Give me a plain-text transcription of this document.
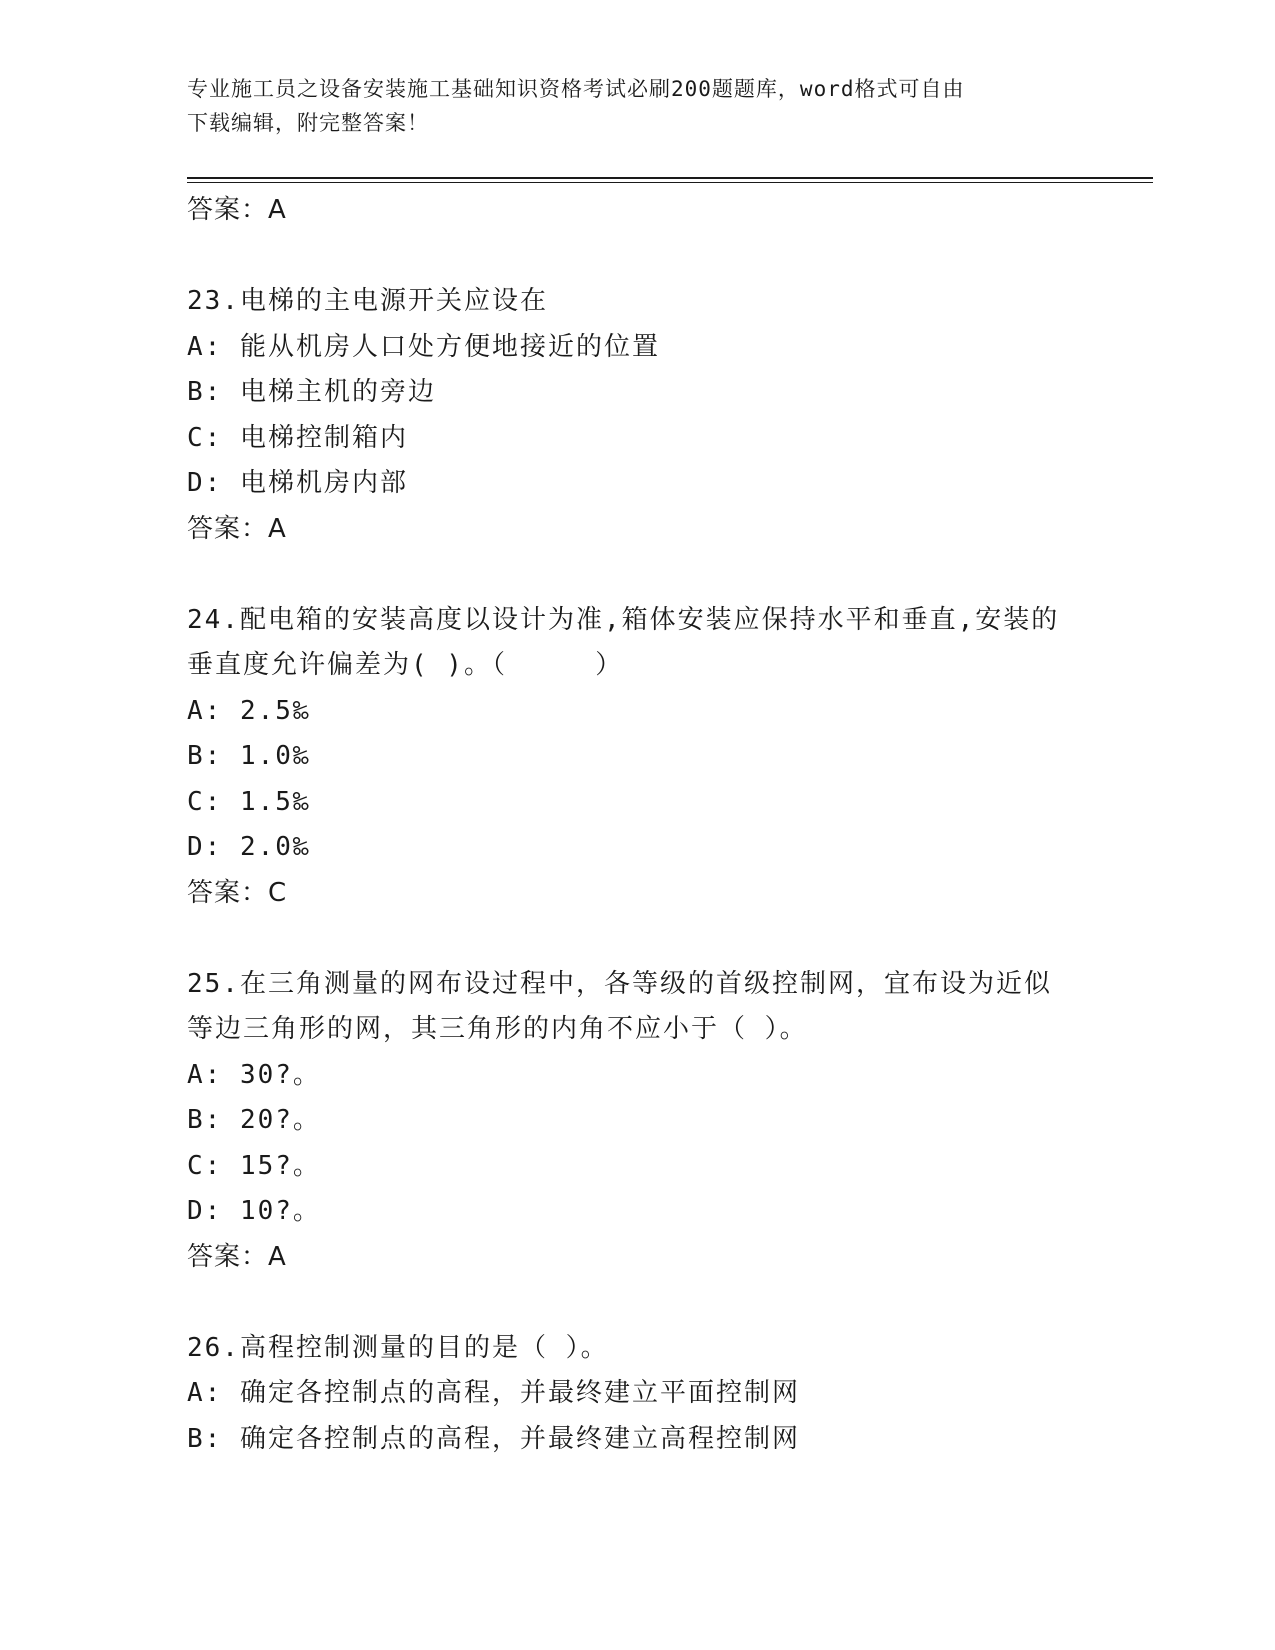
专业施工员之设备安装施工基础知识资格考试必刷200题题库，word格式可自由
下载编辑，附完整答案！
答案：A
23.电梯的主电源开关应设在
A: 能从机房人口处方便地接近的位置
B: 电梯主机的旁边
C: 电梯控制箱内
D: 电梯机房内部
答案：A
24.配电箱的安装高度以设计为准,箱体安装应保持水平和垂直,安装的
垂直度允许偏差为( )。（     ）
A: 2.5‰
B: 1.0‰
C: 1.5‰
D: 2.0‰
答案：C
25.在三角测量的网布设过程中，各等级的首级控制网，宜布设为近似
等边三角形的网，其三角形的内角不应小于（ ）。
A: 30?。
B: 20?。
C: 15?。
D: 10?。
答案：A
26.高程控制测量的目的是（ ）。
A: 确定各控制点的高程，并最终建立平面控制网
B: 确定各控制点的高程，并最终建立高程控制网
